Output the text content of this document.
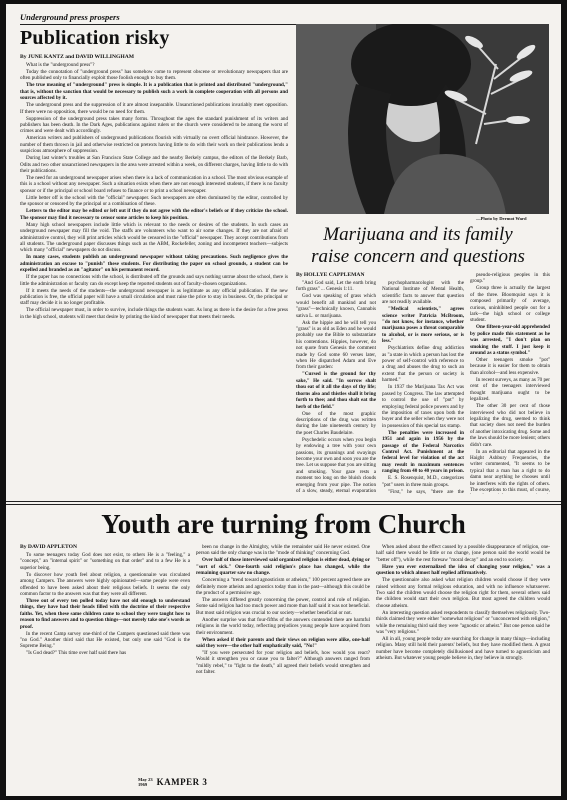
Underground press prospers
Publication risky
By JUNE KANTZ and DAVID WILLINGHAM

What is the "underground press"?

Today the connotation of "underground press" has somehow come to represent obscene or revolutionary newspapers that are often published only to financially exploit those foolish enough to buy them.

The true meaning of "underground" press is simple. It is a publication that is printed and distributed "underground," that is, without the sanction that would be necessary to publish such a work in complete cooperation with all persons and sources affected by it.

The underground press and the suppression of it are almost inseparable. Unsanctioned publications invariably meet opposition. If there were no opposition, there would be no need for them.

Suppression of the underground press takes many forms. Throughout the ages the standard punishment of its writers and publishers has been death. In the Dark Ages, publications against rulers or the church were considered to be among the worst of crimes and were dealt with accordingly.

American writers and publishers of underground publications flourish with virtually no overt official hindrance. However, the number of them thrown in jail and otherwise restricted on pretexts having little to do with their work on their publications lends a suspicious atmosphere of suppression.

During last winter's troubles at San Francisco State College and the nearby Berkely campus, the editors of the Berkely Barb, Odits and two other unsanctioned newspapers in the area were arrested within a week, on different charges, having little to do with their publications.

The need for an underground newspaper arises when there is a lack of communication in a school. The most obvious example of this is a school without any newspaper. Such a situation exists when there are not enough interested students, if there is no faculty sponsor or if the principal or school board refuses to finance or to print a school newspaper.

Little better off is the school with the "official" newspaper. Such newspapers are often dominated by the editor, controlled by the sponsor or censored by the principal or a combination of these.

Letters to the editor may be edited or left out if they do not agree with the editor's beliefs or if they criticize the school. The sponsor may find it necessary to censor some articles to keep his position.

Many high school newspapers include little which is relevant to the needs or desires of the students. In such cases an underground newspaper may fill the void. The staffs are volunteers who want to air some changes. If they are not afraid of administrative control, they will print articles which would be censored in the "official" newspaper. They accept contributions from all students. The underground paper discusses things such as the ABM, Rockefeller, zoning and incompetent teachers—subjects which many "official" newspapers do not discuss.

In many cases, students publish an underground newspaper without taking precautions. Such negligence gives the administration an excuse to "punish" these students. For distributing the paper on school grounds, a student can be expelled and branded as an "agitator" on his permanent record.

If the paper has no connections with the school, is distributed off the grounds and says nothing untrue about the school, there is little the administration or faculty can do except keep the reported students out of faculty-chosen organizations.

If it meets the needs of the students—the underground newspaper is as legitimate as any official publication. If the new publication is free, the official paper will have a small circulation and must raise the price to stay in business. Or, the principal or staff may decide it is no longer profitable.

The official newspaper must, in order to survive, include things the students want. As long as there is the desire for a free press in the high school, students will meet that desire by printing the kind of newspaper that meets their needs.

—Photo by Dermot Ward
Marijuana and its family
raise concern and questions
By HOLLYE CAPPLEMAN

"And God said, Let the earth bring forth grass" ... Genesis 1:11.

God was speaking of grass which would benefit all mankind and not "grass"—technically known, Cannabis sativa L. or marijuana.

Ask the hippie and he will tell you "grass" is as old as Eden and he would probably use the Bible to substantiate his contentions. Hippies, however, do not quote from Genesis the comment made by God some 60 verses later, when He dispatched Adam and Eve from their garden:

"Cursed is the ground for thy sake," He said. "In sorrow shalt thou eat of it all the days of thy life; thorns also and thistles shall it bring forth to thee; and thou shalt eat the herb of the field."

One of the most graphic descriptions of the drug was written during the late nineteenth century by the poet Charles Baudelaire.

Psychedelic occurs when you begin by endowing a tree with your own passions, its groanings and swayings become your own and soon you are the tree. Let us suppose that you are sitting and smoking. Your gaze rests a moment too long on the bluish clouds emerging from your pipe. The notion of a slow, steady, eternal evaporation

psychopharmacologist with the National Institute of Mental Health, scientific facts to answer that question are not readily available.

"Medical scientists," agrees science writer Patricia McBroom, "do not know, for instance, whether marijuana poses a threat comparable to alcohol, or is more serious, or is less."

Psychiatrists define drug addiction as "a state in which a person has lost the power of self-control with reference to a drug and abuses the drug to such an extent that the person or society is harmed."

In 1937 the Marijuana Tax Act was passed by Congress. The law attempted to control the use of "pot" by employing federal police powers and by the imposition of taxes upon both the buyer and the seller when they were not in possession of this special tax stamp.

The penalties were increased in 1951 and again in 1956 by the passage of the Federal Narcotics Control Act. Punishment at the federal level for violation of the act may result in maximum sentences ranging from 40 to 40 years in prison.

E. S. Rosenquist, M.D., categorizes "pot" users in three main groups.

"First," he says, "there are the

pseudo-religious peoples in this group."

Group three is actually the largest of the three. Bloomquist says it is composed primarily of average, curious, uninhibited people out for a lark—the high school or college student.

One fifteen-year-old apprehended by police made this statement as he was arrested, "I don't plan on smoking the stuff. I just keep it around as a status symbol."

Other teenagers smoke "pot" because it is easier for them to obtain than alcohol—and less expensive.

In recent surveys, as many as 70 per cent of the teenagers interviewed thought marijuana ought to be legalized.

The other 30 per cent of those interviewed who did not believe in legalizing the drug, seemed to think that society does not need the burden of another intoxicating drug. Some and the laws should be more lenient; others didn't care.

In an editorial that appeared in the Haight Ashbury Frequencies, the writer commented, "It seems to be typical that a man has a right to do damn near anything he chooses until he interferes with the rights of others. The exceptions to this must, of course,

Youth are turning from Church
By DAVID APPLETON

To some teenagers today God does not exist, to others He is a "feeling," a "concept," an "internal spirit" or "something on that order" and to a few He is a superior being.

To discover how youth feel about religion, a questionnaire was circulated among Campers. The answers were highly opinionated—some people were even offended to have been asked about their religious beliefs. It seems the only common factor to the answers was that they were all different.

Three out of every ten polled today have not old enough to understand things, they have had their heads filled with the doctrine of their respective faiths. Yet, when these same children came to school they were taught how to reason to find answers and to question things—not merely take one's words as proof.

In the recent Camp survey one-third of the Campers questioned said there was "no God." Another third said that He existed, but only one said "God is the Supreme Being."

"Is God dead?" This time over half said there has

been no change in the Almighty, while the remainder said He never existed. One person said the only change was in the "mode of thinking" concerning God.

Over half of those interviewed said organized religion is either dead, dying or "sort of sick." One-fourth said religion's place has changed, while the remaining quarter saw no change.

Concerning a "trend toward agnosticism or atheism," 100 percent agreed there are definitely more atheists and agnostics today than in the past—although this could be the product of a permissive age.

The answers differed greatly concerning the power, control and role of religion. Some said religion had too much power and more than half said it was not beneficial. But most said religion was crucial to our society—whether beneficial or not.

Another surprise was that four-fifths of the answers contended there are harmful religions in the world today, reflecting prejudices young people have acquired from their environment.

When asked if their parents and their views on religion were alike, one-half said they were—the other half emphatically said, "No!"

"If you were persecuted for your religion and beliefs, how would you react? Would it strengthen you or cause you to falter?" Although answers ranged from "mildly rebel," to "fight to the death," all agreed their beliefs would strengthen and not falter.

When asked about the effect caused by a possible disappearance of religion, one-half said there would be little or no change, (one person said the world would be "better off"), while the rest foresaw "moral decay" and an end to society.

Have you ever externalized the idea of changing your religion," was a question to which almost half replied affirmatively.

The questionnaire also asked what religion children would choose if they were raised without any formal religious education, and with no influence whatsoever. Two said the children would choose the religion right for them, several others said the children would start their own religion. But most agreed the children would choose atheism.

An interesting question asked respondents to classify themselves religiously. Two-thirds claimed they were either "somewhat religious" or "unconcerned with religion," while the remaining third said they were "agnostic or atheist." But one person said he was "very religious."

All in all, young people today are searching for change in many things—including religion. Many still hold their parents' beliefs, but they have modified them. A great number have become completely disillusioned and have turned to agnosticism and atheism. But whatever young people believe in, they believe in strongly.

May 23
1969	KAMPER 3
